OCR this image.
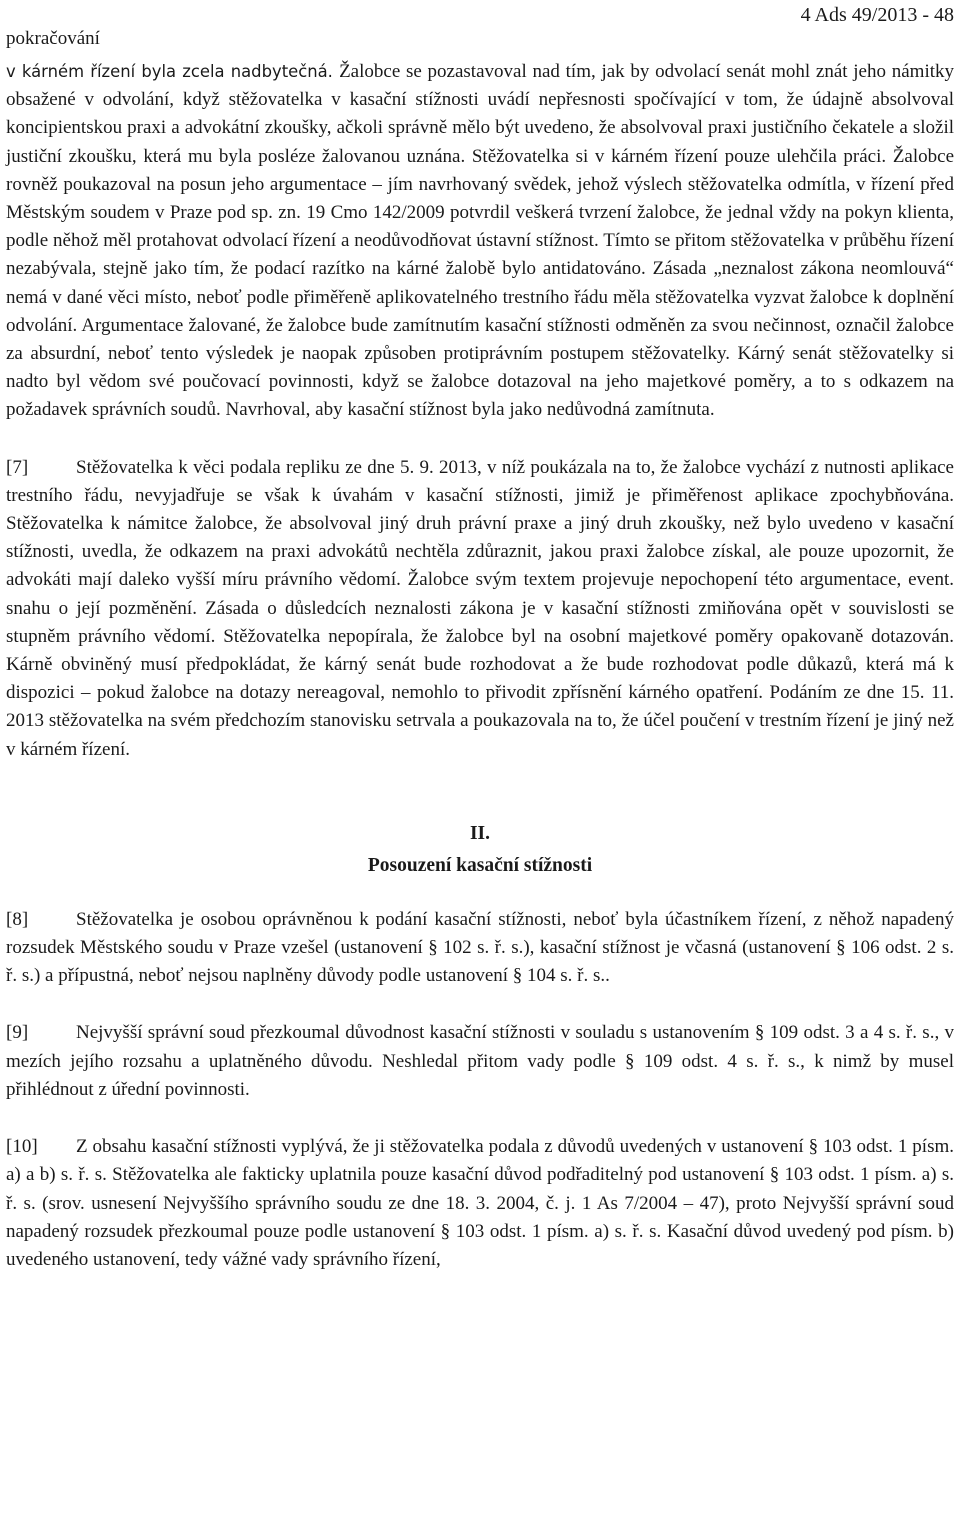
pokračování
4 Ads 49/2013 - 48

v kárném řízení byla zcela nadbytečná. Žalobce se pozastavoval nad tím, jak by odvolací senát mohl znát jeho námitky obsažené v odvolání, když stěžovatelka v kasační stížnosti uvádí nepřesnosti spočívající v tom, že údajně absolvoval koncipientskou praxi a advokátní zkoušky, ačkoli správně mělo být uvedeno, že absolvoval praxi justičního čekatele a složil justiční zkoušku, která mu byla posléze žalovanou uznána. Stěžovatelka si v kárném řízení pouze ulehčila práci. Žalobce rovněž poukazoval na posun jeho argumentace – jím navrhovaný svědek, jehož výslech stěžovatelka odmítla, v řízení před Městským soudem v Praze pod sp. zn. 19 Cmo 142/2009 potvrdil veškerá tvrzení žalobce, že jednal vždy na pokyn klienta, podle něhož měl protahovat odvolací řízení a neodůvodňovat ústavní stížnost. Tímto se přitom stěžovatelka v průběhu řízení nezabývala, stejně jako tím, že podací razítko na kárné žalobě bylo antidatováno. Zásada „neznalost zákona neomlouvá“ nemá v dané věci místo, neboť podle přiměřeně aplikovatelného trestního řádu měla stěžovatelka vyzvat žalobce k doplnění odvolání. Argumentace žalované, že žalobce bude zamítnutím kasační stížnosti odměněn za svou nečinnost, označil žalobce za absurdní, neboť tento výsledek je naopak způsoben protiprávním postupem stěžovatelky. Kárný senát stěžovatelky si nadto byl vědom své poučovací povinnosti, když se žalobce dotazoval na jeho majetkové poměry, a to s odkazem na požadavek správních soudů. Navrhoval, aby kasační stížnost byla jako nedůvodná zamítnuta.

[7]	Stěžovatelka k věci podala repliku ze dne 5. 9. 2013, v níž poukázala na to, že žalobce vychází z nutnosti aplikace trestního řádu, nevyjadřuje se však k úvahám v kasační stížnosti, jimiž je přiměřenost aplikace zpochybňována. Stěžovatelka k námitce žalobce, že absolvoval jiný druh právní praxe a jiný druh zkoušky, než bylo uvedeno v kasační stížnosti, uvedla, že odkazem na praxi advokátů nechtěla zdůraznit, jakou praxi žalobce získal, ale pouze upozornit, že advokáti mají daleko vyšší míru právního vědomí. Žalobce svým textem projevuje nepochopení této argumentace, event. snahu o její pozměnění. Zásada o důsledcích neznalosti zákona je v kasační stížnosti zmiňována opět v souvislosti se stupněm právního vědomí. Stěžovatelka nepopírala, že žalobce byl na osobní majetkové poměry opakovaně dotazován. Kárně obviněný musí předpokládat, že kárný senát bude rozhodovat a že bude rozhodovat podle důkazů, která má k dispozici – pokud žalobce na dotazy nereagoval, nemohlo to přivodit zpřísnění kárného opatření. Podáním ze dne 15. 11. 2013 stěžovatelka na svém předchozím stanovisku setrvala a poukazovala na to, že účel poučení v trestním řízení je jiný než v kárném řízení.

II.
Posouzení kasační stížnosti

[8]	Stěžovatelka je osobou oprávněnou k podání kasační stížnosti, neboť byla účastníkem řízení, z něhož napadený rozsudek Městského soudu v Praze vzešel (ustanovení § 102 s. ř. s.), kasační stížnost je včasná (ustanovení § 106 odst. 2 s. ř. s.) a přípustná, neboť nejsou naplněny důvody podle ustanovení § 104 s. ř. s..

[9]	Nejvyšší správní soud přezkoumal důvodnost kasační stížnosti v souladu s ustanovením § 109 odst. 3 a 4 s. ř. s., v mezích jejího rozsahu a uplatněného důvodu. Neshledal přitom vady podle § 109 odst. 4 s. ř. s., k nimž by musel přihlédnout z úřední povinnosti.

[10] Z obsahu kasační stížnosti vyplývá, že ji stěžovatelka podala z důvodů uvedených v ustanovení § 103 odst. 1 písm. a) a b) s. ř. s. Stěžovatelka ale fakticky uplatnila pouze kasační důvod podřaditelný pod ustanovení § 103 odst. 1 písm. a) s. ř. s. (srov. usnesení Nejvyššího správního soudu ze dne 18. 3. 2004, č. j. 1 As 7/2004 – 47), proto Nejvyšší správní soud napadený rozsudek přezkoumal pouze podle ustanovení § 103 odst. 1 písm. a) s. ř. s. Kasační důvod uvedený pod písm. b) uvedeného ustanovení, tedy vážné vady správního řízení,
